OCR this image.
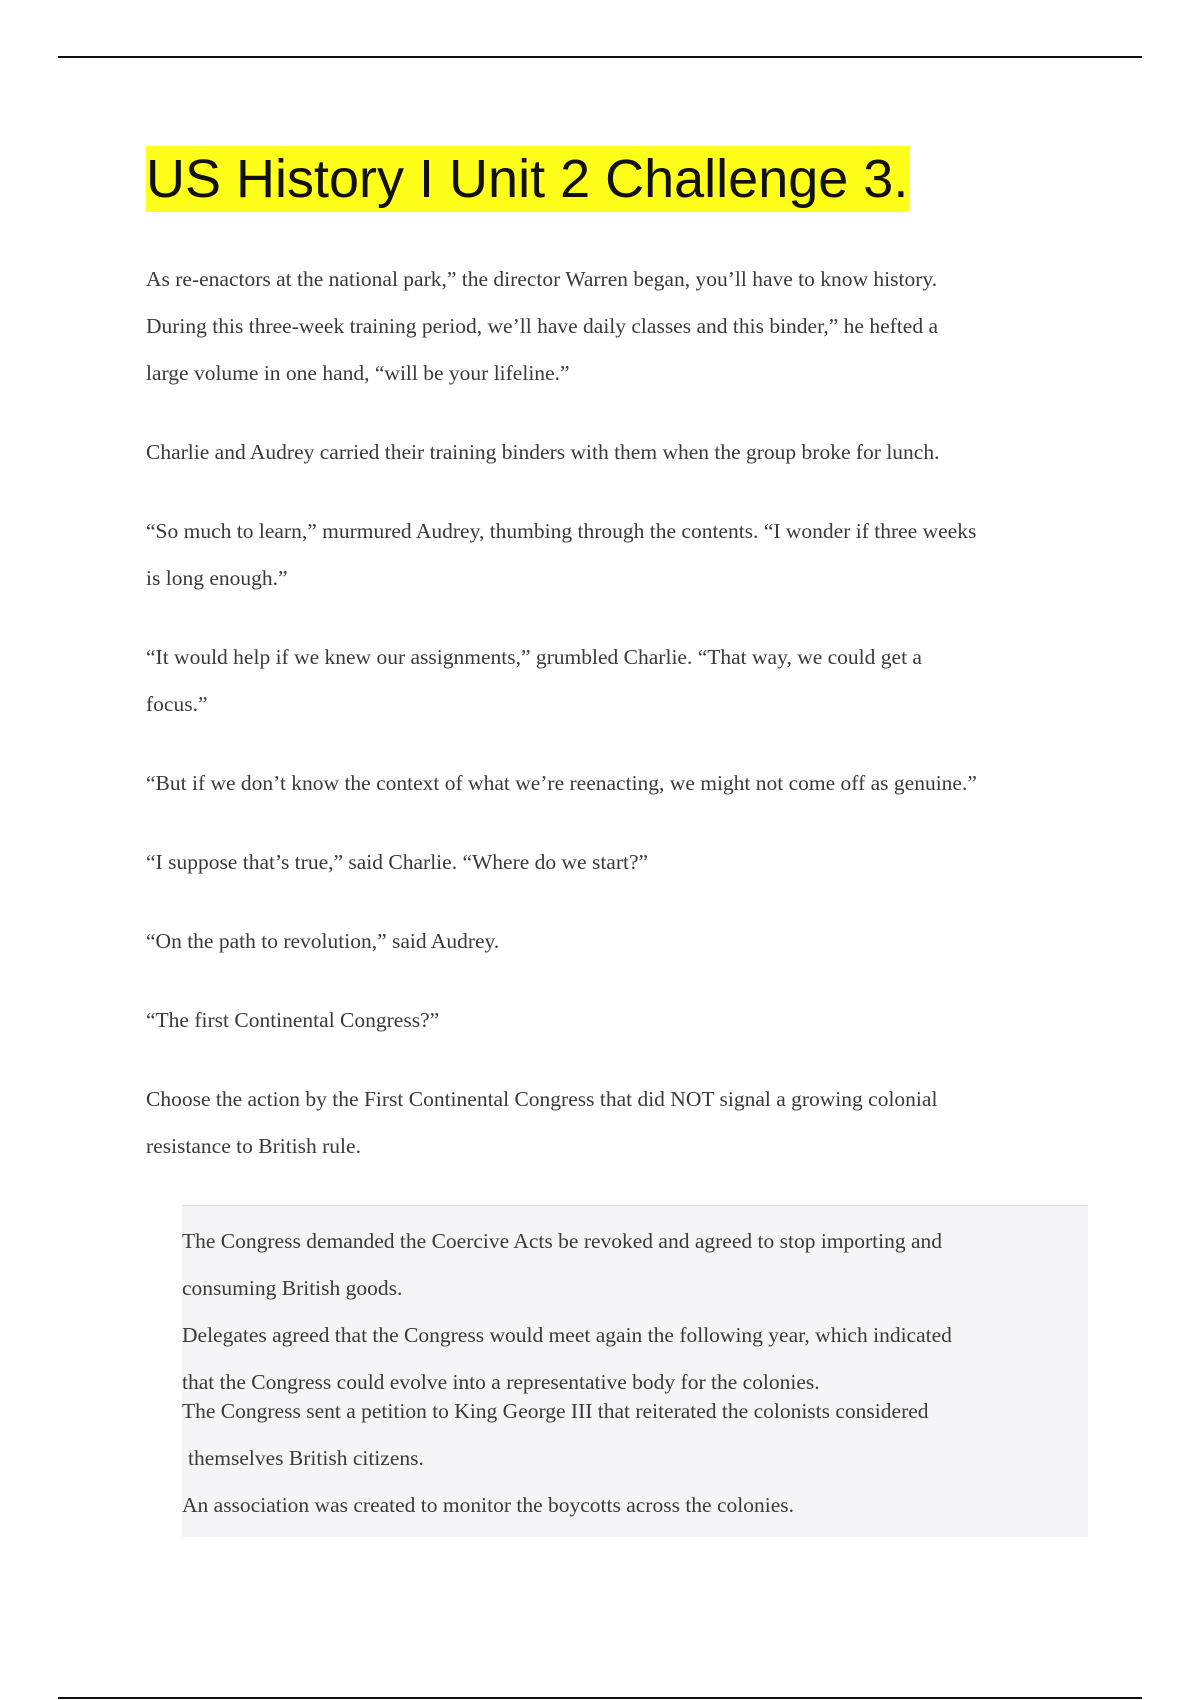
US History I Unit 2 Challenge 3.

As re-enactors at the national park,” the director Warren began, you’ll have to know history.
During this three-week training period, we’ll have daily classes and this binder,” he hefted a
large volume in one hand, “will be your lifeline.”

Charlie and Audrey carried their training binders with them when the group broke for lunch.

“So much to learn,” murmured Audrey, thumbing through the contents. “I wonder if three weeks
is long enough.”

“It would help if we knew our assignments,” grumbled Charlie. “That way, we could get a
focus.”

“But if we don’t know the context of what we’re reenacting, we might not come off as genuine.”

“I suppose that’s true,” said Charlie. “Where do we start?”

“On the path to revolution,” said Audrey.

“The first Continental Congress?”

Choose the action by the First Continental Congress that did NOT signal a growing colonial
resistance to British rule.

The Congress demanded the Coercive Acts be revoked and agreed to stop importing and
consuming British goods.
Delegates agreed that the Congress would meet again the following year, which indicated
that the Congress could evolve into a representative body for the colonies.
The Congress sent a petition to King George III that reiterated the colonists considered
themselves British citizens.
An association was created to monitor the boycotts across the colonies.
